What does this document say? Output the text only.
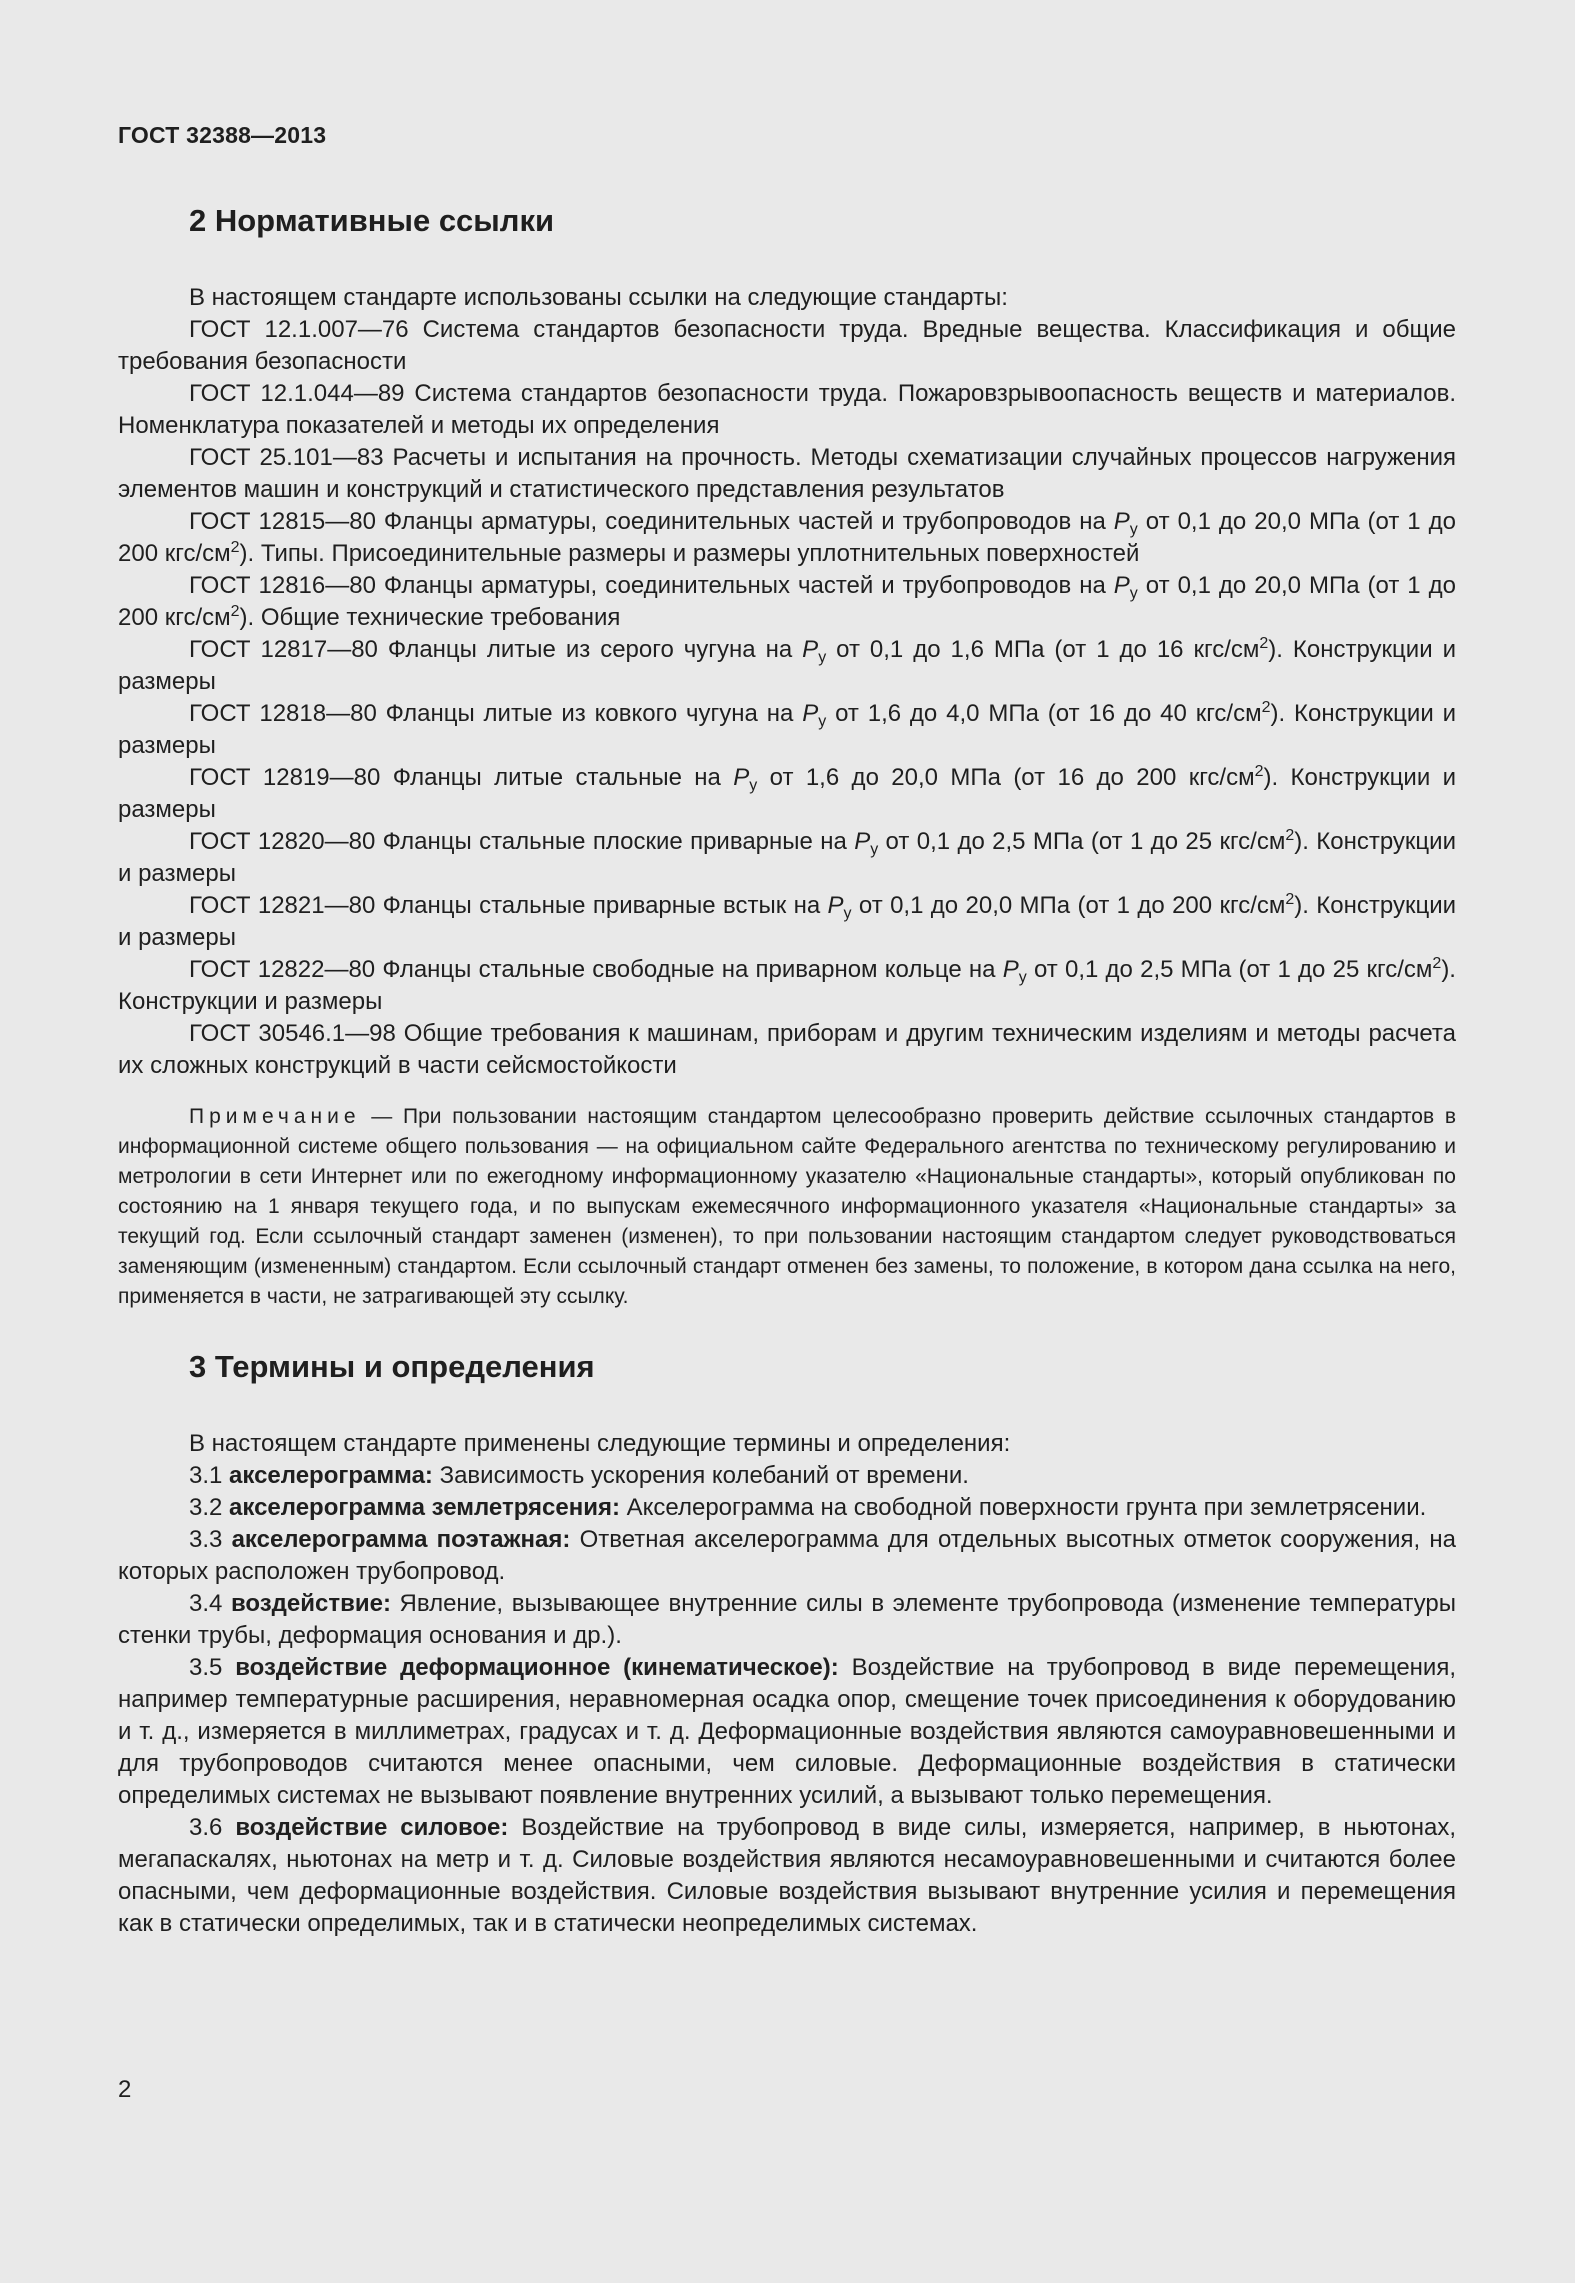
ГОСТ 32388—2013
2 Нормативные ссылки

В настоящем стандарте использованы ссылки на следующие стандарты:

ГОСТ 12.1.007—76 Система стандартов безопасности труда. Вредные вещества. Классификация и общие требования безопасности

ГОСТ 12.1.044—89 Система стандартов безопасности труда. Пожаровзрывоопасность веществ и материалов. Номенклатура показателей и методы их определения

ГОСТ 25.101—83 Расчеты и испытания на прочность. Методы схематизации случайных процессов нагружения элементов машин и конструкций и статистического представления результатов

ГОСТ 12815—80 Фланцы арматуры, соединительных частей и трубопроводов на $P_у$ от 0,1 до 20,0 МПа (от 1 до 200 кгс/$см^2$). Типы. Присоединительные размеры и размеры уплотнительных поверхностей

ГОСТ 12816—80 Фланцы арматуры, соединительных частей и трубопроводов на $P_у$ от 0,1 до 20,0 МПа (от 1 до 200 кгс/$см^2$). Общие технические требования

ГОСТ 12817—80 Фланцы литые из серого чугуна на $P_у$ от 0,1 до 1,6 МПа (от 1 до 16 кгс/$см^2$). Конструкции и размеры

ГОСТ 12818—80 Фланцы литые из ковкого чугуна на $P_у$ от 1,6 до 4,0 МПа (от 16 до 40 кгс/$см^2$). Конструкции и размеры

ГОСТ 12819—80 Фланцы литые стальные на $P_у$ от 1,6 до 20,0 МПа (от 16 до 200 кгс/$см^2$). Конструкции и размеры

ГОСТ 12820—80 Фланцы стальные плоские приварные на $P_у$ от 0,1 до 2,5 МПа (от 1 до 25 кгс/$см^2$). Конструкции и размеры

ГОСТ 12821—80 Фланцы стальные приварные встык на $P_у$ от 0,1 до 20,0 МПа (от 1 до 200 кгс/$см^2$). Конструкции и размеры

ГОСТ 12822—80 Фланцы стальные свободные на приварном кольце на $P_у$ от 0,1 до 2,5 МПа (от 1 до 25 кгс/$см^2$). Конструкции и размеры

ГОСТ 30546.1—98 Общие требования к машинам, приборам и другим техническим изделиям и методы расчета их сложных конструкций в части сейсмостойкости

Примечание — При пользовании настоящим стандартом целесообразно проверить действие ссылочных стандартов в информационной системе общего пользования — на официальном сайте Федерального агентства по техническому регулированию и метрологии в сети Интернет или по ежегодному информационному указателю «Национальные стандарты», который опубликован по состоянию на 1 января текущего года, и по выпускам ежемесячного информационного указателя «Национальные стандарты» за текущий год. Если ссылочный стандарт заменен (изменен), то при пользовании настоящим стандартом следует руководствоваться заменяющим (измененным) стандартом. Если ссылочный стандарт отменен без замены, то положение, в котором дана ссылка на него, применяется в части, не затрагивающей эту ссылку.

3 Термины и определения

В настоящем стандарте применены следующие термины и определения:

3.1 акселерограмма: Зависимость ускорения колебаний от времени.

3.2 акселерограмма землетрясения: Акселерограмма на свободной поверхности грунта при землетрясении.

3.3 акселерограмма поэтажная: Ответная акселерограмма для отдельных высотных отметок сооружения, на которых расположен трубопровод.

3.4 воздействие: Явление, вызывающее внутренние силы в элементе трубопровода (изменение температуры стенки трубы, деформация основания и др.).

3.5 воздействие деформационное (кинематическое): Воздействие на трубопровод в виде перемещения, например температурные расширения, неравномерная осадка опор, смещение точек присоединения к оборудованию и т. д., измеряется в миллиметрах, градусах и т. д. Деформационные воздействия являются самоуравновешенными и для трубопроводов считаются менее опасными, чем силовые. Деформационные воздействия в статически определимых системах не вызывают появление внутренних усилий, а вызывают только перемещения.

3.6 воздействие силовое: Воздействие на трубопровод в виде силы, измеряется, например, в ньютонах, мегапаскалях, ньютонах на метр и т. д. Силовые воздействия являются несамоуравновешенными и считаются более опасными, чем деформационные воздействия. Силовые воздействия вызывают внутренние усилия и перемещения как в статически определимых, так и в статически неопределимых системах.

2
